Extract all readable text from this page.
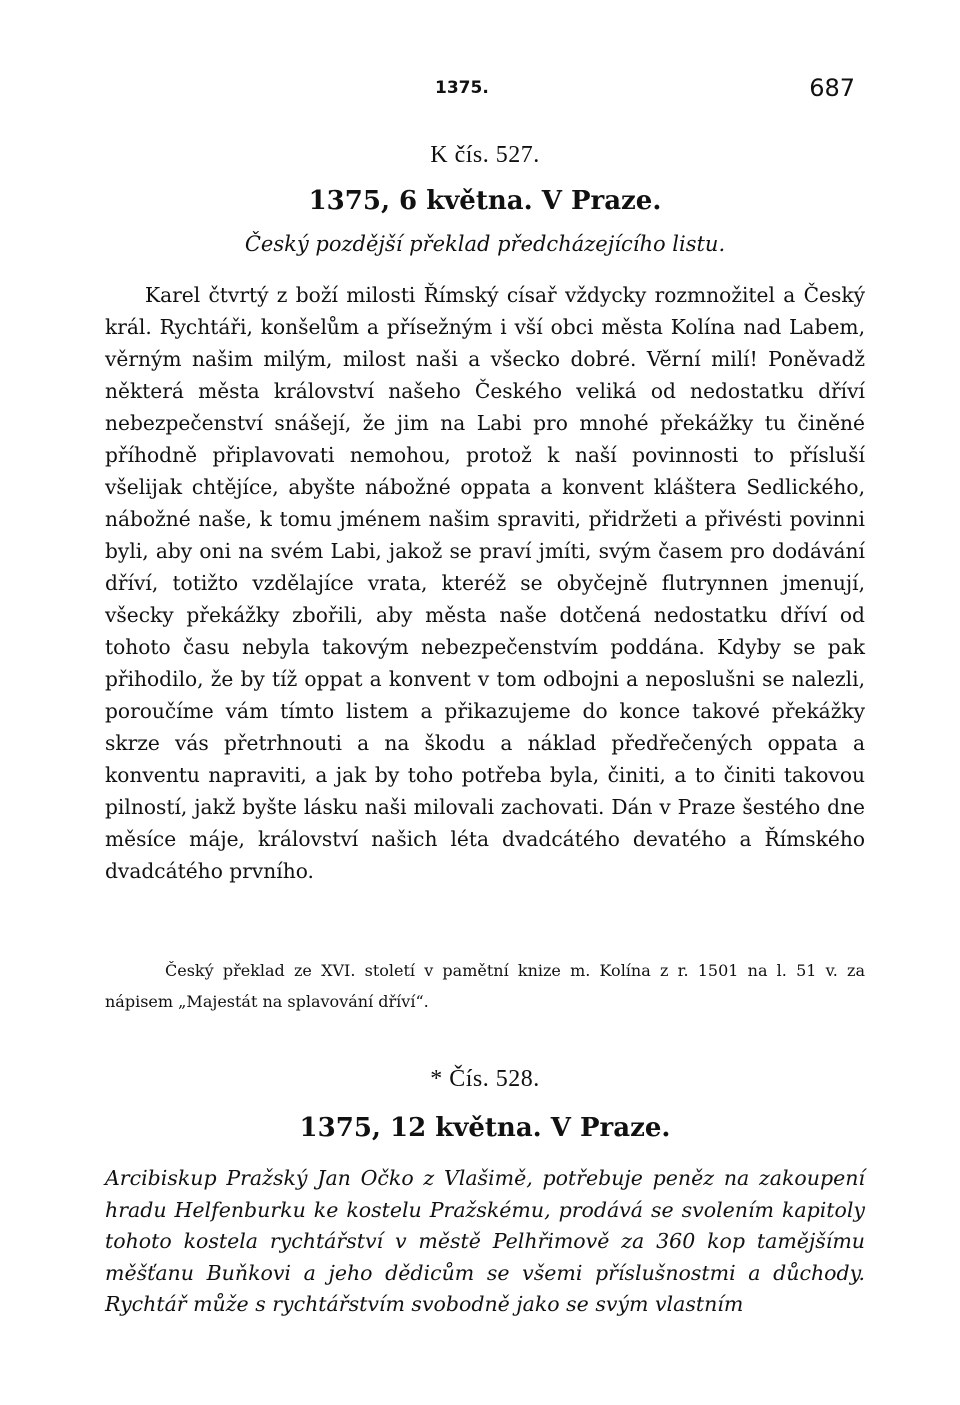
1375.	687
K čís. 527.
1375, 6 května. V Praze.
Český pozdější překlad předcházejícího listu.

Karel čtvrtý z boží milosti Římský císař vždycky rozmnožitel a Český král. Rychtáři, konšelům a přísežným i vší obci města Kolína nad Labem, věrným našim milým, milost naši a všecko dobré. Věrní milí! Poněvadž některá města království našeho Českého veliká od nedostatku dříví nebezpečenství snášejí, že jim na Labi pro mnohé překážky tu činěné příhodně připlavovati nemohou, protož k naší povinnosti to přísluší všelijak chtějíce, abyšte nábožné oppata a konvent kláštera Sedlického, nábožné naše, k tomu jménem našim spraviti, přidržeti a přivésti povinni byli, aby oni na svém Labi, jakož se praví jmíti, svým časem pro dodávání dříví, totižto vzdělajíce vrata, kteréž se obyčejně flutrynnen jmenují, všecky překážky zbořili, aby města naše dotčená nedostatku dříví od tohoto času nebyla takovým nebezpečenstvím poddána. Kdyby se pak přihodilo, že by tíž oppat a konvent v tom odbojni a neposlušni se nalezli, poroučíme vám tímto listem a přikazujeme do konce takové překážky skrze vás přetrhnouti a na škodu a náklad předřečených oppata a konventu napraviti, a jak by toho potřeba byla, činiti, a to činiti takovou pilností, jakž byšte lásku naši milovali zachovati. Dán v Praze šestého dne měsíce máje, království našich léta dvadcátého devatého a Římského dvadcátého prvního.

Český překlad ze XVI. století v pamětní knize m. Kolína z r. 1501 na l. 51 v. za nápisem „Majestát na splavování dříví“.
* Čís. 528.
1375, 12 května. V Praze.
Arcibiskup Pražský Jan Očko z Vlašimě, potřebuje peněz na zakoupení hradu Helfenburku ke kostelu Pražskému, prodává se svolením kapitoly tohoto kostela rychtářství v městě Pelhřimově za 360 kop tamějšímu měšťanu Buňkovi a jeho dědicům se všemi příslušnostmi a důchody. Rychtář může s rychtářstvím svobodně jako se svým vlastním
